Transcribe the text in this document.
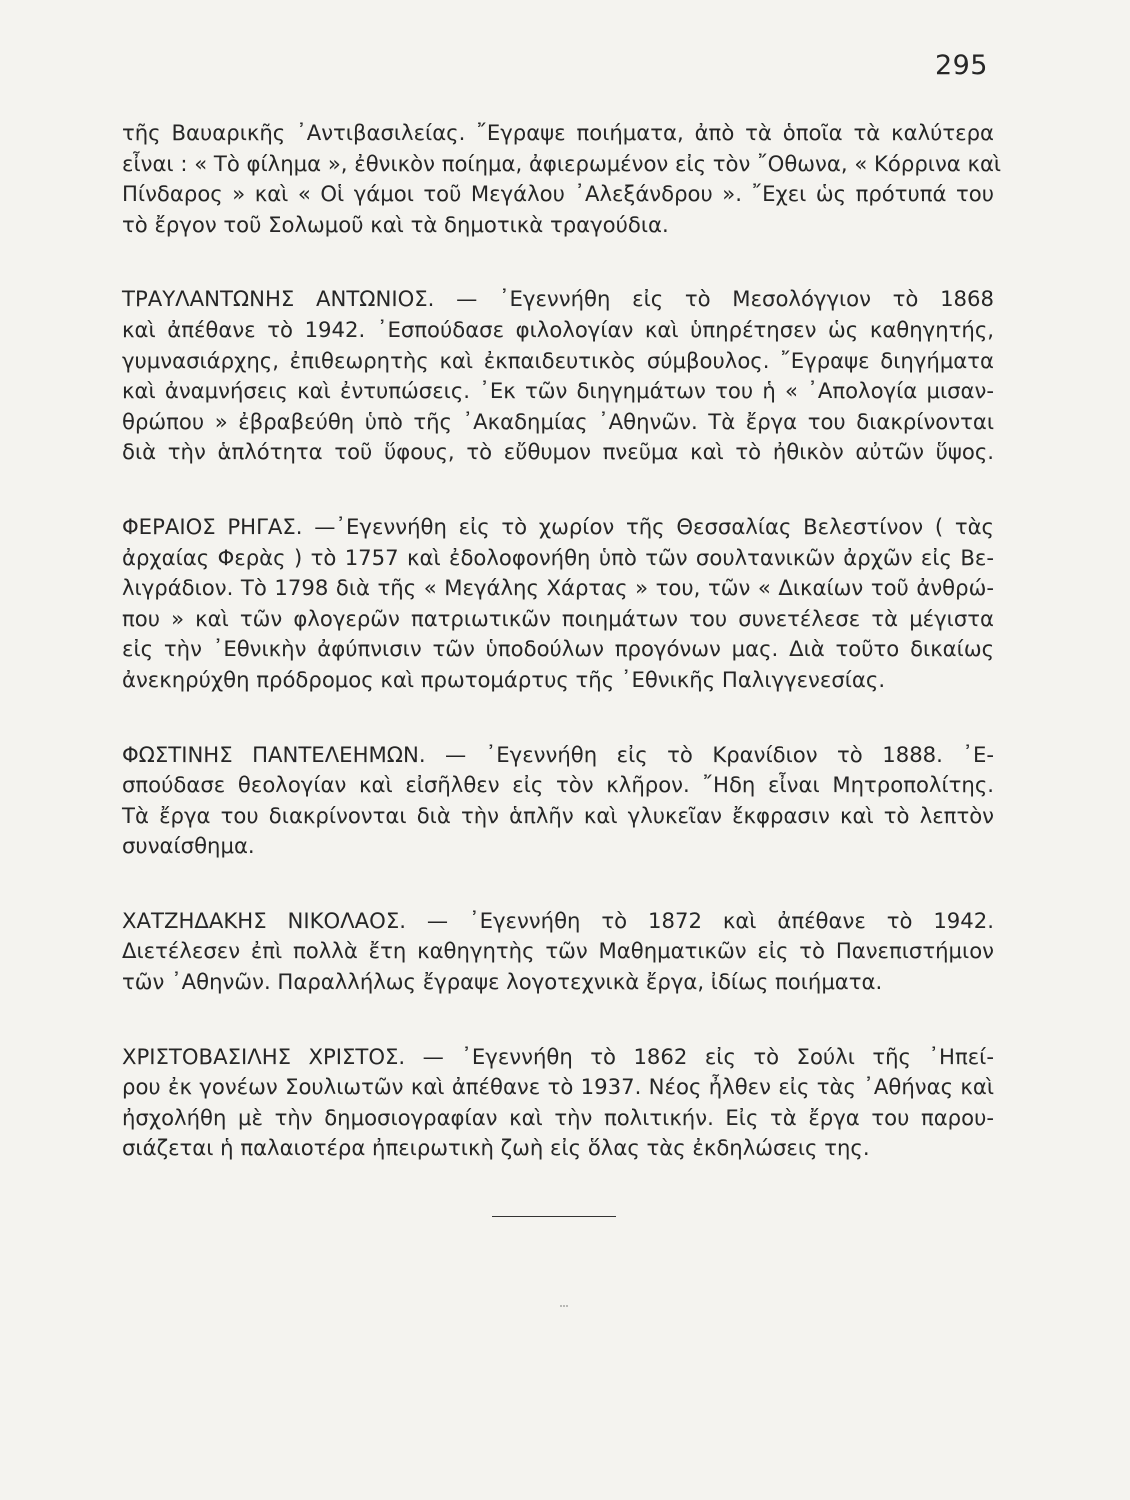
295
τῆς Βαυαρικῆς ᾿Αντιβασιλείας. ῎Εγραψε ποιήματα, ἀπὸ τὰ ὁποῖα τὰ καλύτερα
εἶναι : « Τὸ φίλημα », ἐθνικὸν ποίημα, ἀφιερωμένον εἰς τὸν ῎Οθωνα, « Κόρρινα καὶ
Πίνδαρος » καὶ « Οἱ γάμοι τοῦ Μεγάλου ᾿Αλεξάνδρου ». ῎Εχει ὡς πρότυπά του
τὸ ἔργον τοῦ Σολωμοῦ καὶ τὰ δημοτικὰ τραγούδια.
ΤΡΑΥΛΑΝΤΩΝΗΣ ΑΝΤΩΝΙΟΣ. — ᾿Εγεννήθη εἰς τὸ Μεσολόγγιον τὸ 1868
καὶ ἀπέθανε τὸ 1942. ᾿Εσπούδασε φιλολογίαν καὶ ὑπηρέτησεν ὡς καθηγητής,
γυμνασιάρχης, ἐπιθεωρητὴς καὶ ἐκπαιδευτικὸς σύμβουλος. ῎Εγραψε διηγήματα
καὶ ἀναμνήσεις καὶ ἐντυπώσεις. ᾿Εκ τῶν διηγημάτων του ἡ « ᾿Απολογία μισαν-
θρώπου » ἐβραβεύθη ὑπὸ τῆς ᾿Ακαδημίας ᾿Αθηνῶν. Τὰ ἔργα του διακρίνονται
διὰ τὴν ἁπλότητα τοῦ ὕφους, τὸ εὔθυμον πνεῦμα καὶ τὸ ἠθικὸν αὐτῶν ὕψος.
ΦΕΡΑΙΟΣ ΡΗΓΑΣ. —᾿Εγεννήθη εἰς τὸ χωρίον τῆς Θεσσαλίας Βελεστίνον ( τὰς
ἀρχαίας Φερὰς ) τὸ 1757 καὶ ἐδολοφονήθη ὑπὸ τῶν σουλτανικῶν ἀρχῶν εἰς Βε-
λιγράδιον. Τὸ 1798 διὰ τῆς « Μεγάλης Χάρτας » του, τῶν « Δικαίων τοῦ ἀνθρώ-
που » καὶ τῶν φλογερῶν πατριωτικῶν ποιημάτων του συνετέλεσε τὰ μέγιστα
εἰς τὴν ᾿Εθνικὴν ἀφύπνισιν τῶν ὑποδούλων προγόνων μας. Διὰ τοῦτο δικαίως
ἀνεκηρύχθη πρόδρομος καὶ πρωτομάρτυς τῆς ᾿Εθνικῆς Παλιγγενεσίας.
ΦΩΣΤΙΝΗΣ ΠΑΝΤΕΛΕΗΜΩΝ. — ᾿Εγεννήθη εἰς τὸ Κρανίδιον τὸ 1888. ᾿Ε-
σπούδασε θεολογίαν καὶ εἰσῆλθεν εἰς τὸν κλῆρον. ῎Ηδη εἶναι Μητροπολίτης.
Τὰ ἔργα του διακρίνονται διὰ τὴν ἁπλῆν καὶ γλυκεῖαν ἔκφρασιν καὶ τὸ λεπτὸν
συναίσθημα.
ΧΑΤΖΗΔΑΚΗΣ ΝΙΚΟΛΑΟΣ. — ᾿Εγεννήθη τὸ 1872 καὶ ἀπέθανε τὸ 1942.
Διετέλεσεν ἐπὶ πολλὰ ἔτη καθηγητὴς τῶν Μαθηματικῶν εἰς τὸ Πανεπιστήμιον
τῶν ᾿Αθηνῶν. Παραλλήλως ἔγραψε λογοτεχνικὰ ἔργα, ἰδίως ποιήματα.
ΧΡΙΣΤΟΒΑΣΙΛΗΣ ΧΡΙΣΤΟΣ. — ᾿Εγεννήθη τὸ 1862 εἰς τὸ Σούλι τῆς ᾿Ηπεί-
ρου ἐκ γονέων Σουλιωτῶν καὶ ἀπέθανε τὸ 1937. Νέος ἦλθεν εἰς τὰς ᾿Αθήνας καὶ
ἠσχολήθη μὲ τὴν δημοσιογραφίαν καὶ τὴν πολιτικήν. Εἰς τὰ ἔργα του παρου-
σιάζεται ἡ παλαιοτέρα ἠπειρωτικὴ ζωὴ εἰς ὅλας τὰς ἐκδηλώσεις της.
